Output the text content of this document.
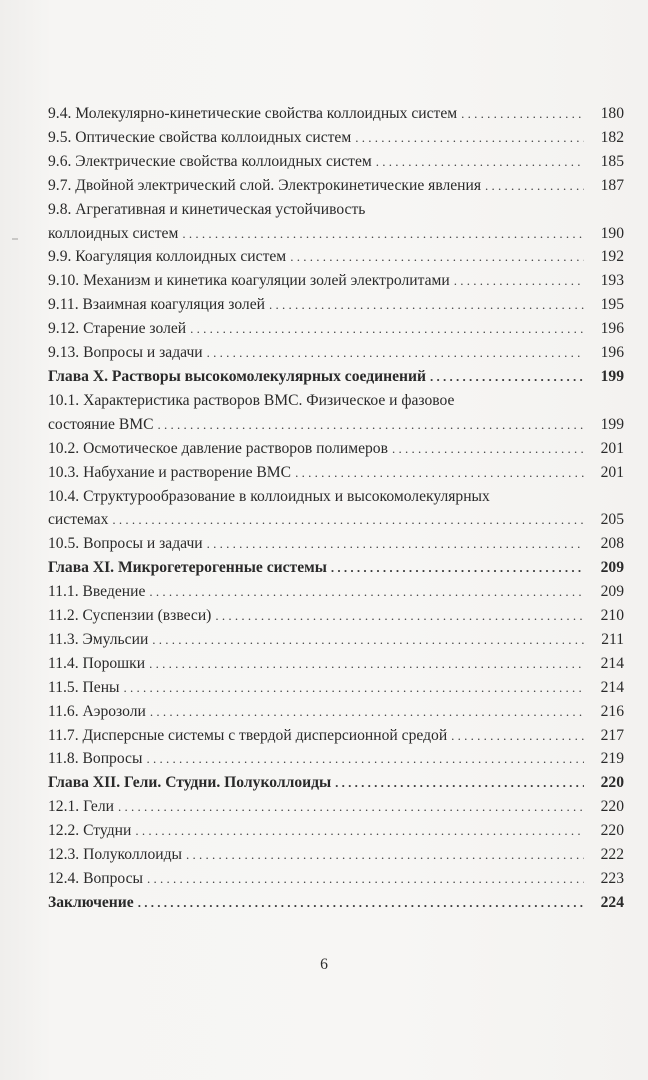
9.4. Молекулярно-кинетические свойства коллоидных систем . . .	180
9.5. Оптические свойства коллоидных систем . . .	182
9.6. Электрические свойства коллоидных систем . . .	185
9.7. Двойной электрический слой. Электрокинетические явления . . .	187
9.8. Агрегативная и кинетическая устойчивость
коллоидных систем . . .	190
9.9. Коагуляция коллоидных систем . . .	192
9.10. Механизм и кинетика коагуляции золей электролитами . . .	193
9.11. Взаимная коагуляция золей . . .	195
9.12. Старение золей . . .	196
9.13. Вопросы и задачи . . .	196
Глава X. Растворы высокомолекулярных соединений . . .	199
10.1. Характеристика растворов ВМС. Физическое и фазовое
состояние ВМС . . .	199
10.2. Осмотическое давление растворов полимеров . . .	201
10.3. Набухание и растворение ВМС . . .	201
10.4. Структурообразование в коллоидных и высокомолекулярных
системах . . .	205
10.5. Вопросы и задачи . . .	208
Глава XI. Микрогетерогенные системы . . .	209
11.1. Введение . . .	209
11.2. Суспензии (взвеси) . . .	210
11.3. Эмульсии . . .	211
11.4. Порошки . . .	214
11.5. Пены . . .	214
11.6. Аэрозоли . . .	216
11.7. Дисперсные системы с твердой дисперсионной средой . . .	217
11.8. Вопросы . . .	219
Глава XII. Гели. Студни. Полуколлоиды . . .	220
12.1. Гели . . .	220
12.2. Студни . . .	220
12.3. Полуколлоиды . . .	222
12.4. Вопросы . . .	223
Заключение . . .	224
6
